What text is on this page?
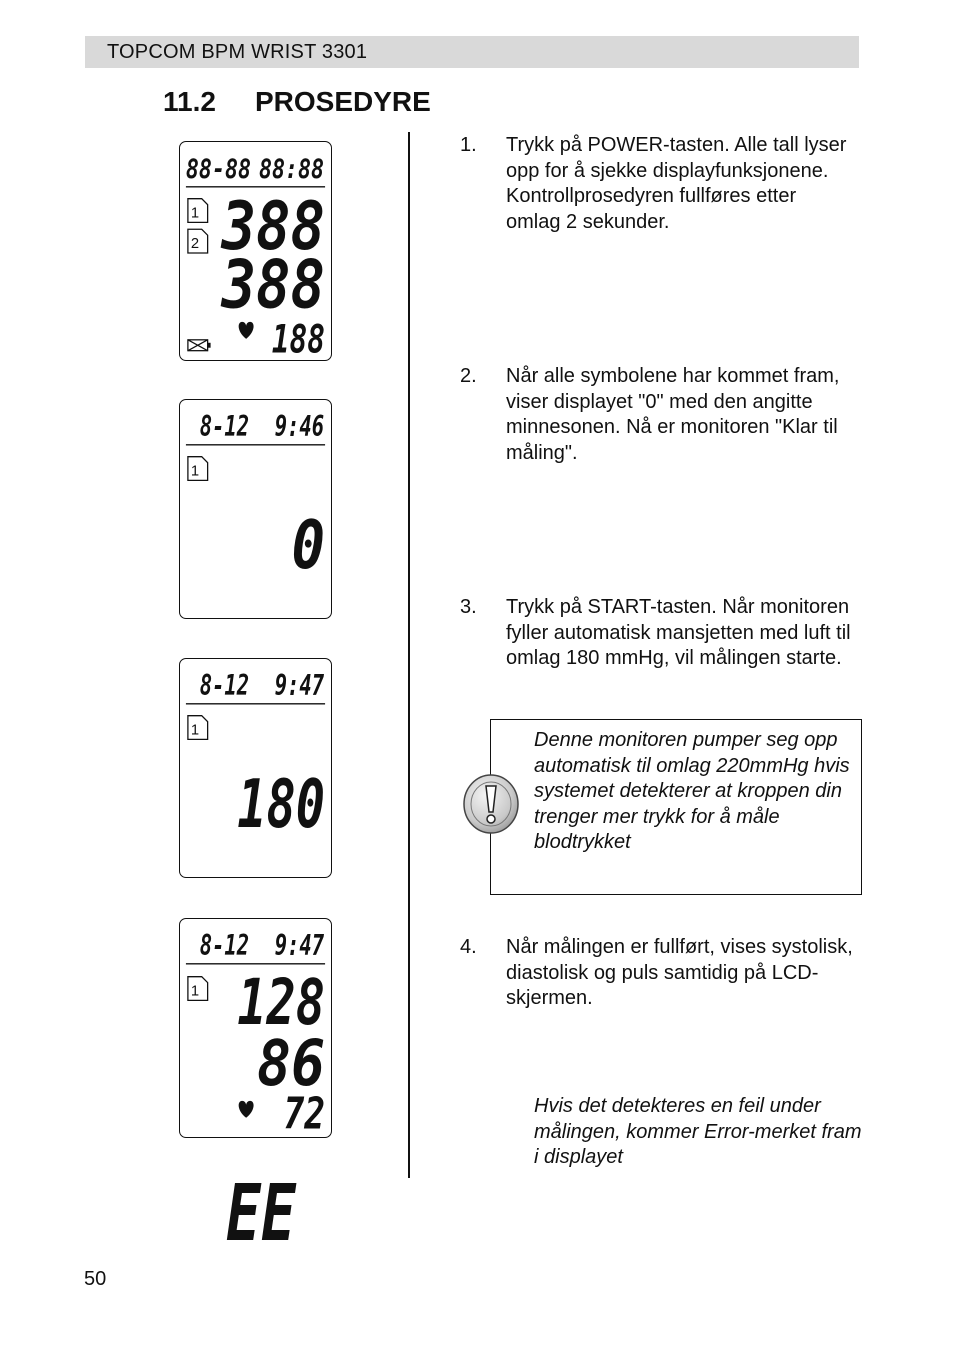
TOPCOM BPM WRIST 3301
11.2 PROSEDYRE
88-88 88:88
1
2 388
388
188
8-12 9:46
1
0
8-12 9:47
1
180
8-12 9:47
1 128
86
72
EE
1. Trykk på POWER-tasten. Alle tall lyser opp for å sjekke displayfunksjonene. Kontrollprosedyren fullføres etter omlag 2 sekunder.
2. Når alle symbolene har kommet fram, viser displayet "0" med den angitte minnesonen. Nå er monitoren "Klar til måling".
3. Trykk på START-tasten. Når monitoren fyller automatisk mansjetten med luft til omlag 180 mmHg, vil målingen starte.
4. Når målingen er fullført, vises systolisk, diastolisk og puls samtidig på LCD-skjermen.
Denne monitoren pumper seg opp automatisk til omlag 220mmHg hvis systemet detekterer at kroppen din trenger mer trykk for å måle blodtrykket
Hvis det detekteres en feil under målingen, kommer Error-merket fram i displayet
50
